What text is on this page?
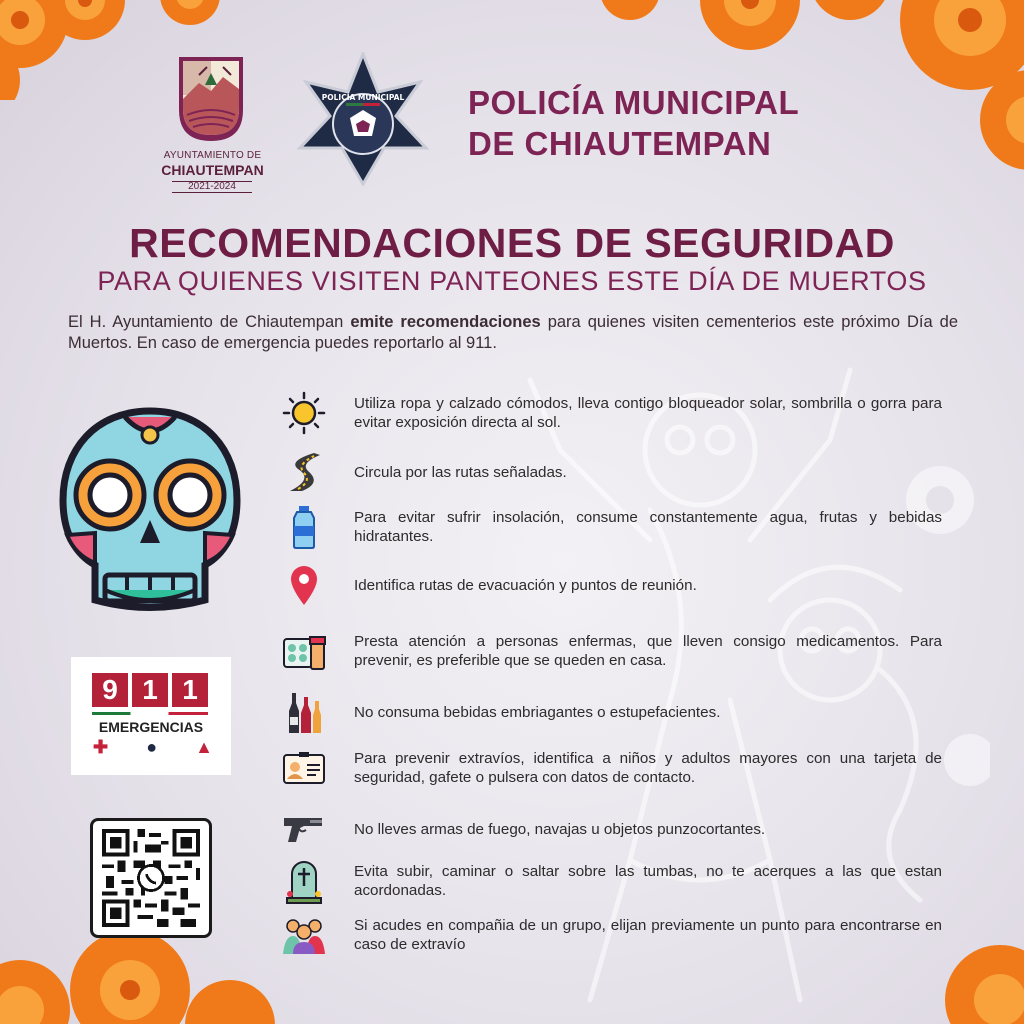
AYUNTAMIENTO DE
CHIAUTEMPAN
2021-2024
POLICÍA MUNICIPAL POLICÍA MUNICIPAL
DE CHIAUTEMPAN
RECOMENDACIONES DE SEGURIDAD
PARA QUIENES VISITEN PANTEONES ESTE DÍA DE MUERTOS

El H. Ayuntamiento de Chiautempan emite recomendaciones para quienes visiten cementerios este próximo Día de Muertos. En caso de emergencia puedes reportarlo al 911.

9 1 1
EMERGENCIAS
✚ ● ▲
Utiliza ropa y calzado cómodos, lleva contigo bloqueador solar, sombrilla o gorra para evitar exposición directa al sol.
Circula por las rutas señaladas.
Para evitar sufrir insolación, consume constantemente agua, frutas y bebidas hidratantes.
Identifica rutas de evacuación y puntos de reunión.
Presta atención a personas enfermas, que lleven consigo medicamentos. Para prevenir, es preferible que se queden en casa.
No consuma bebidas embriagantes o estupefacientes.
Para prevenir extravíos, identifica a niños y adultos mayores con una tarjeta de seguridad, gafete o pulsera con datos de contacto.
No lleves armas de fuego, navajas u objetos punzocortantes.
Evita subir, caminar o saltar sobre las tumbas, no te acerques a las que estan acordonadas.
Si acudes en compañia de un grupo, elijan previamente un punto para encontrarse en caso de extravío
